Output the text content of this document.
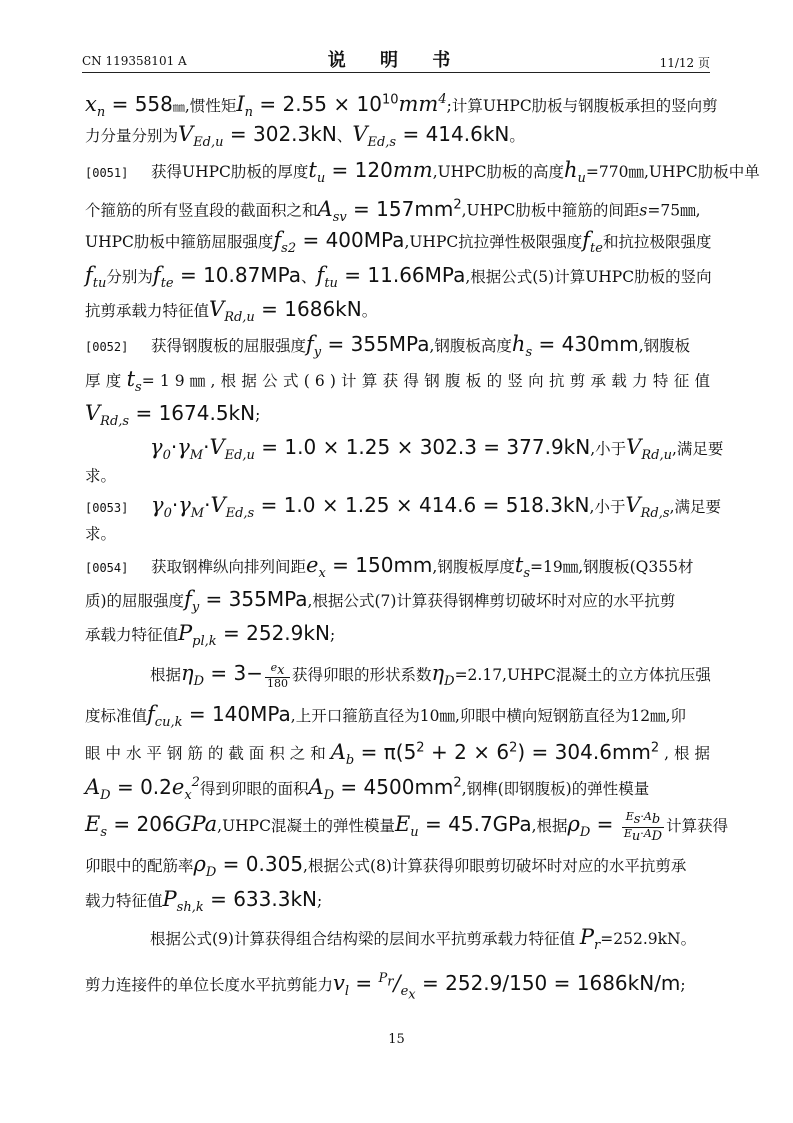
CN 119358101 A	说 明 书	11/12 页
$x_n$ = 558㎜,惯性矩$I_n = 2.55 \times 10^{10}mm^4$;计算UHPC肋板与钢腹板承担的竖向剪
力分量分别为$V_{Ed,u} = 302.3kN$、$V_{Ed,s} = 414.6kN$。
[0051] 获得UHPC肋板的厚度$t_u$ = 120mm,UHPC肋板的高度$h_u=770㎜,UHPC$肋板中单
个箍筋的所有竖直段的截面积之和$A_{sv}$ = $157mm^2,UHPC$肋板中箍筋的间距s=75㎜,
UHPC肋板中箍筋屈服强度$f_{s2}$ = 400MPa,UHPC抗拉弹性极限强度$f_{te}$和抗拉极限强度
$f_{tu}$分别为$f_{te} = 10.87MPa$、$f_{tu} = 11.66MPa$,根据公式(5)计算UHPC肋板的竖向
抗剪承载力特征值$V_{Rd,u} = 1686kN$。
[0052] 获得钢腹板的屈服强度$f_y = 355MPa$,钢腹板高度$h_s = 430mm$,钢腹板
厚 度 $t_s= 1$ 9 ㎜ , 根 据 公 式 ( 6 ) 计 算 获 得 钢 腹 板 的 竖 向 抗 剪 承 载 力 特 征 值
$V_{Rd,s} = 1674.5kN$;
$\gamma_0\cdot\gamma_M\cdot V_{Ed,u} = 1.0 \times 1.25 \times 302.3 = 377.9kN$,小于$V_{Rd,u}$,满足要
求。
[0053] $\gamma_0\cdot\gamma_M\cdot V_{Ed,s} = 1.0 \times 1.25 \times 414.6 = 518.3kN$,小于$V_{Rd,s}$,满足要
求。
[0054] 获取钢榫纵向排列间距$e_x = 150mm$,钢腹板厚度$t_s=19㎜$,钢腹板(Q355材
质)的屈服强度$f_y = 355MPa$,根据公式(7)计算获得钢榫剪切破坏时对应的水平抗剪
承载力特征值$P_{pl,k} = 252.9kN$;
根据$\eta_D = 3- \frac{e_x}{180}$ 获得卯眼的形状系数$\eta_D=2.17,UHPC$混凝土的立方体抗压强
度标准值$f_{cu,k} = 140MPa$,上开口箍筋直径为10㎜,卯眼中横向短钢筋直径为12㎜,卯
眼 中 水 平 钢 筋 的 截 面 积 之 和 $A_b = \pi(5^2 + 2 \times 6^2) = 304.6mm^2$ , 根 据
$A_D = 0.2e_x^2$得到卯眼的面积$A_D = 4500mm^2$,钢榫(即钢腹板)的弹性模量
$E_s$ = 206GPa,UHPC混凝土的弹性模量$E_u = 45.7GPa$,根据$\rho_D = \frac{E_s\cdot A_b}{E_u\cdot A_D}$ 计算获得
卯眼中的配筋率$\rho_D = 0.305$,根据公式(8)计算获得卯眼剪切破坏时对应的水平抗剪承
载力特征值$P_{sh,k} = 633.3kN$;
根据公式(9)计算获得组合结构梁的层间水平抗剪承载力特征值 $P_r=252.9kN$。
剪力连接件的单位长度水平抗剪能力$v_l = ^{P_r}/_{e_x} = 252.9/150 = 1686kN/m$;
15
